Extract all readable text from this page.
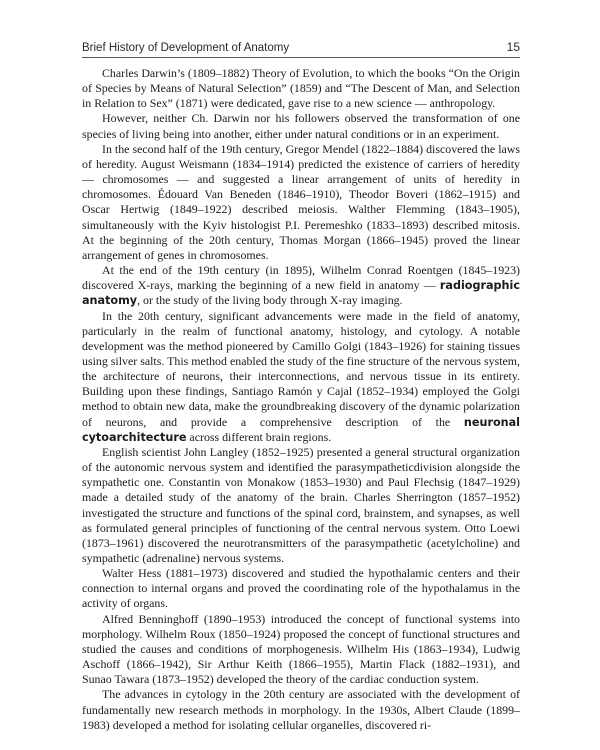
Brief History of Development of Anatomy	15

Charles Darwin’s (1809–1882) Theory of Evolution, to which the books “On the Origin of Species by Means of Natural Selection” (1859) and “The Descent of Man, and Selection in Relation to Sex” (1871) were dedicated, gave rise to a new science — anthropology.

However, neither Ch. Darwin nor his followers observed the transformation of one species of living being into another, either under natural conditions or in an experiment.

In the second half of the 19th century, Gregor Mendel (1822–1884) discovered the laws of heredity. August Weismann (1834–1914) predicted the existence of carriers of heredity — chromosomes — and suggested a linear arrangement of units of heredity in chromosomes. Édouard Van Beneden (1846–1910), Theodor Boveri (1862–1915) and Oscar Hertwig (1849–1922) described meiosis. Walther Flemming (1843–1905), simultaneously with the Kyiv histologist P.I. Peremeshko (1833–1893) described mitosis. At the beginning of the 20th century, Thomas Morgan (1866–1945) proved the linear arrangement of genes in chromosomes.

At the end of the 19th century (in 1895), Wilhelm Conrad Roentgen (1845–1923) discovered X-rays, marking the beginning of a new field in anatomy — radiographic anatomy, or the study of the living body through X-ray imaging.

In the 20th century, significant advancements were made in the field of anatomy, particularly in the realm of functional anatomy, histology, and cytology. A notable development was the method pioneered by Camillo Golgi (1843–1926) for staining tissues using silver salts. This method enabled the study of the fine structure of the nervous system, the architecture of neurons, their interconnections, and nervous tissue in its entirety. Building upon these findings, Santiago Ramón y Cajal (1852–1934) employed the Golgi method to obtain new data, make the groundbreaking discovery of the dynamic polarization of neurons, and provide a comprehensive description of the neuronal cytoarchitecture across different brain regions.

English scientist John Langley (1852–1925) presented a general structural organization of the autonomic nervous system and identified the parasympatheticdivision alongside the sympathetic one. Constantin von Monakow (1853–1930) and Paul Flechsig (1847–1929) made a detailed study of the anatomy of the brain. Charles Sherrington (1857–1952) investigated the structure and functions of the spinal cord, brainstem, and synapses, as well as formulated general principles of functioning of the central nervous system. Otto Loewi (1873–1961) discovered the neurotransmitters of the parasympathetic (acetylcholine) and sympathetic (adrenaline) nervous systems.

Walter Hess (1881–1973) discovered and studied the hypothalamic centers and their connection to internal organs and proved the coordinating role of the hypothalamus in the activity of organs.

Alfred Benninghoff (1890–1953) introduced the concept of functional systems into morphology. Wilhelm Roux (1850–1924) proposed the concept of functional structures and studied the causes and conditions of morphogenesis. Wilhelm His (1863–1934), Ludwig Aschoff (1866–1942), Sir Arthur Keith (1866–1955), Martin Flack (1882–1931), and Sunao Tawara (1873–1952) developed the theory of the cardiac conduction system.

The advances in cytology in the 20th century are associated with the development of fundamentally new research methods in morphology. In the 1930s, Albert Claude (1899–1983) developed a method for isolating cellular organelles, discovered ri-
